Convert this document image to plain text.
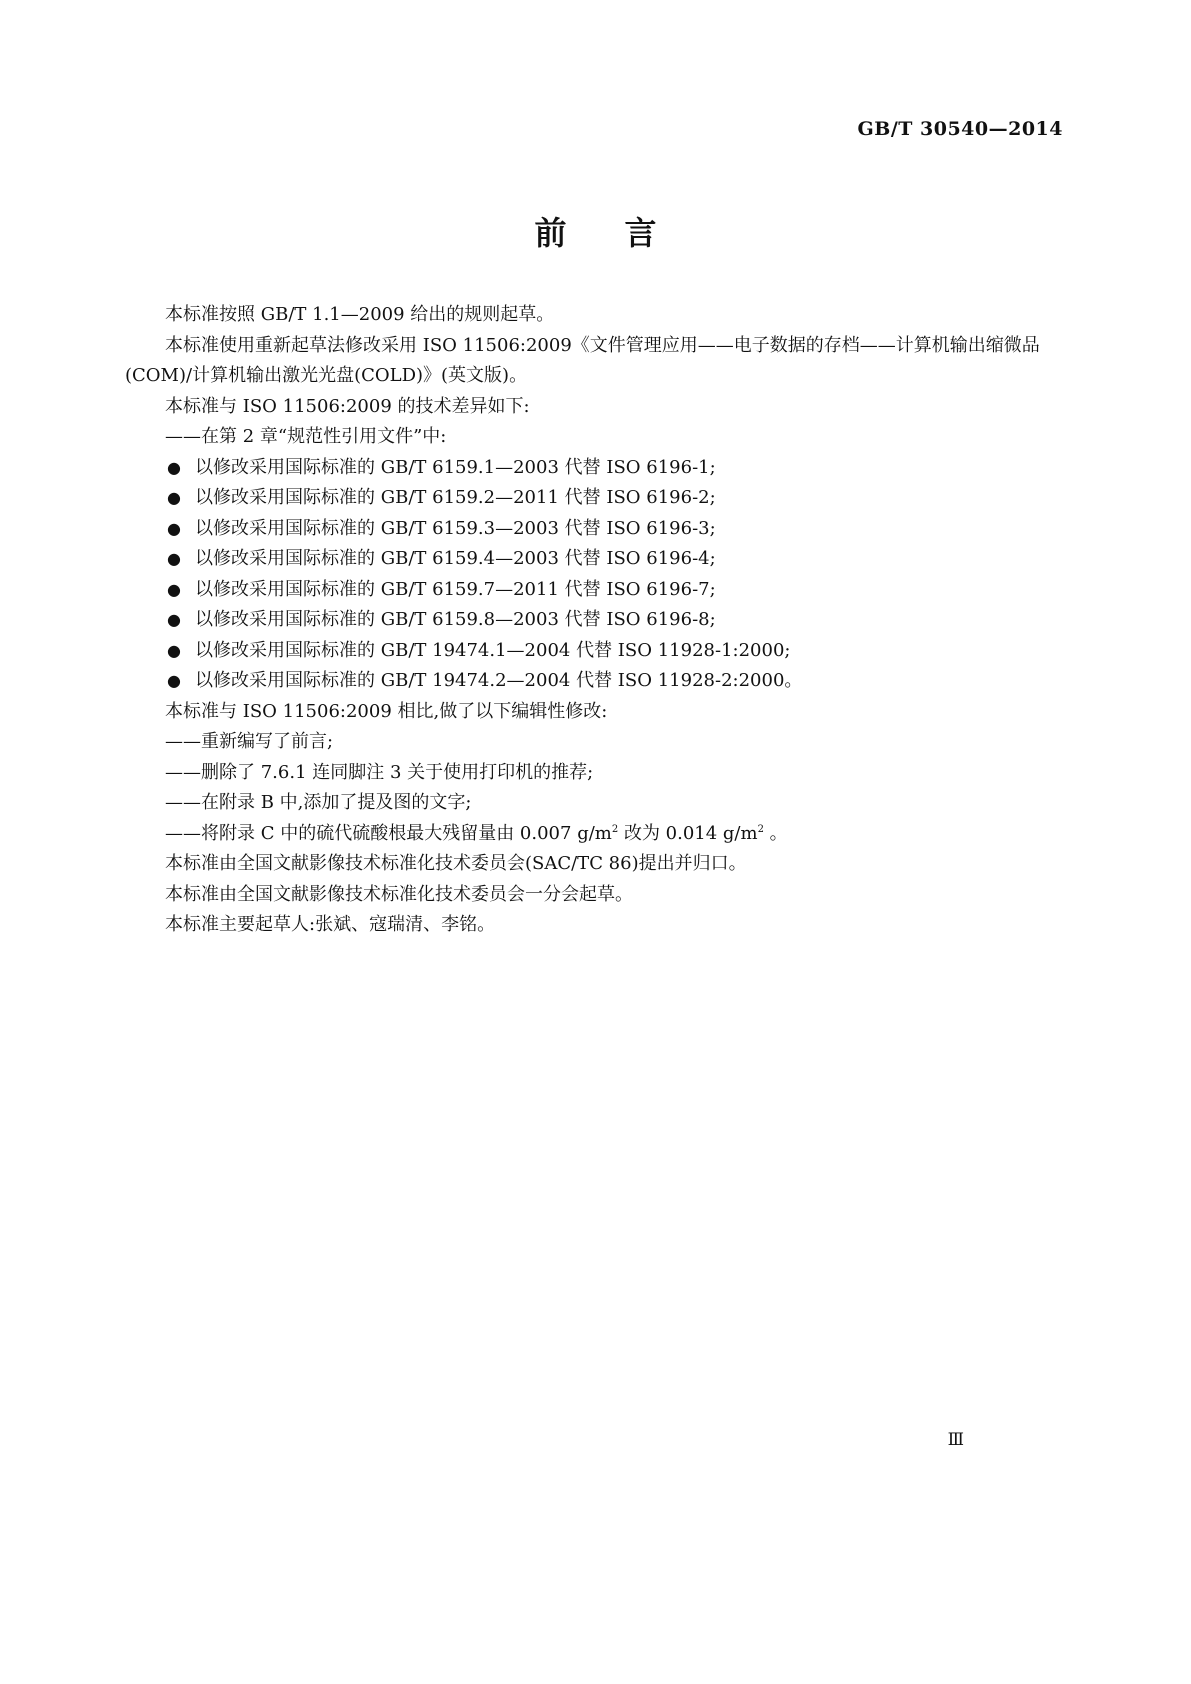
GB/T 30540—2014
前言

本标准按照 GB/T 1.1—2009 给出的规则起草。

本标准使用重新起草法修改采用 ISO 11506:2009《文件管理应用——电子数据的存档——计算机输出缩微品(COM)/计算机输出激光光盘(COLD)》(英文版)。

本标准与 ISO 11506:2009 的技术差异如下:

——在第 2 章“规范性引用文件”中:

● 以修改采用国际标准的 GB/T 6159.1—2003 代替 ISO 6196-1;
● 以修改采用国际标准的 GB/T 6159.2—2011 代替 ISO 6196-2;
● 以修改采用国际标准的 GB/T 6159.3—2003 代替 ISO 6196-3;
● 以修改采用国际标准的 GB/T 6159.4—2003 代替 ISO 6196-4;
● 以修改采用国际标准的 GB/T 6159.7—2011 代替 ISO 6196-7;
● 以修改采用国际标准的 GB/T 6159.8—2003 代替 ISO 6196-8;
● 以修改采用国际标准的 GB/T 19474.1—2004 代替 ISO 11928-1:2000;
● 以修改采用国际标准的 GB/T 19474.2—2004 代替 ISO 11928-2:2000。

本标准与 ISO 11506:2009 相比,做了以下编辑性修改:

——重新编写了前言;

——删除了 7.6.1 连同脚注 3 关于使用打印机的推荐;

——在附录 B 中,添加了提及图的文字;

——将附录 C 中的硫代硫酸根最大残留量由 0.007 $g/m^2$ 改为 0.014 $g/m^2$ 。

本标准由全国文献影像技术标准化技术委员会(SAC/TC 86)提出并归口。

本标准由全国文献影像技术标准化技术委员会一分会起草。

本标准主要起草人:张斌、寇瑞清、李铭。

Ⅲ
